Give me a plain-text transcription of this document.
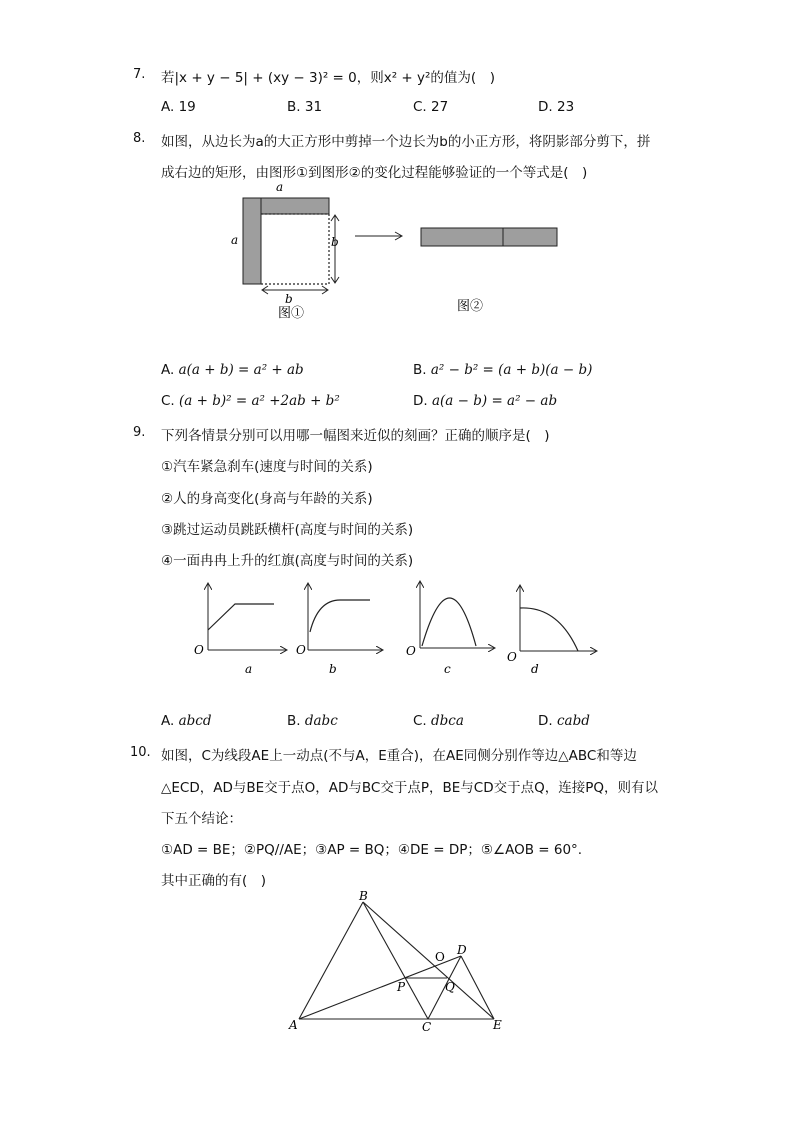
7. 若|x + y − 5| + (xy − 3)² = 0，则x² + y²的值为(　)
A. 19	B. 31	C. 27	D. 23
8. 如图，从边长为a的大正方形中剪掉一个边长为b的小正方形，将阴影部分剪下，拼
成右边的矩形，由图形①到图形②的变化过程能够验证的一个等式是(　)
a
a	b
b
图①	图②
A. a(a + b) = a² + ab	B. a² − b² = (a + b)(a − b)
C. (a + b)² = a² +2ab + b²	D. a(a − b) = a² − ab
9. 下列各情景分别可以用哪一幅图来近似的刻画？正确的顺序是(　)
①汽车紧急刹车(速度与时间的关系)
②人的身高变化(身高与年龄的关系)
③跳过运动员跳跃横杆(高度与时间的关系)
④一面冉冉上升的红旗(高度与时间的关系)
O
a
O
b
O
c
O
d
A. abcd	B. dabc	C. dbca	D. cabd
10. 如图，C为线段AE上一动点(不与A，E重合)，在AE同侧分别作等边△ABC和等边
△ECD，AD与BE交于点O，AD与BC交于点P，BE与CD交于点Q，连接PQ，则有以
下五个结论：
①AD = BE；②PQ//AE；③AP = BQ；④DE = DP；⑤∠AOB = 60°.
其中正确的有(　)
B
A	C	E
D
O
P	Q
